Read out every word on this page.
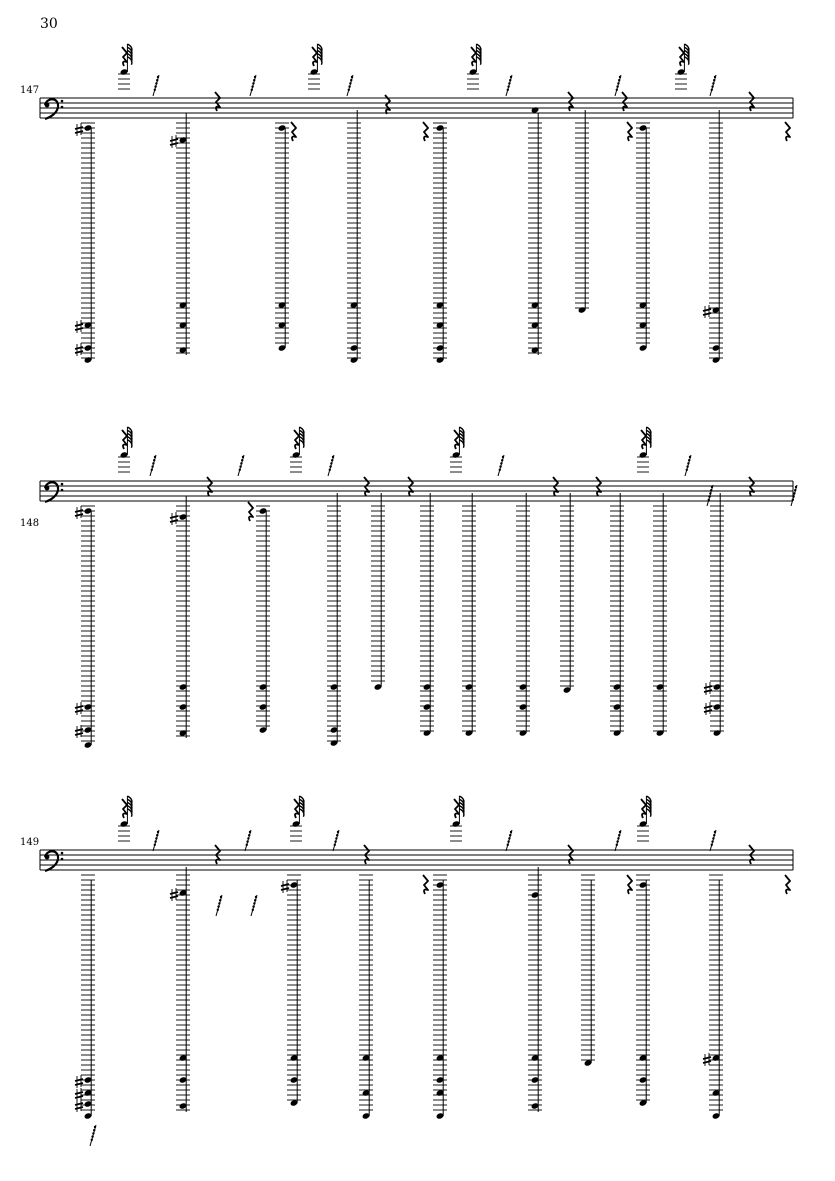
30
147
148
149
